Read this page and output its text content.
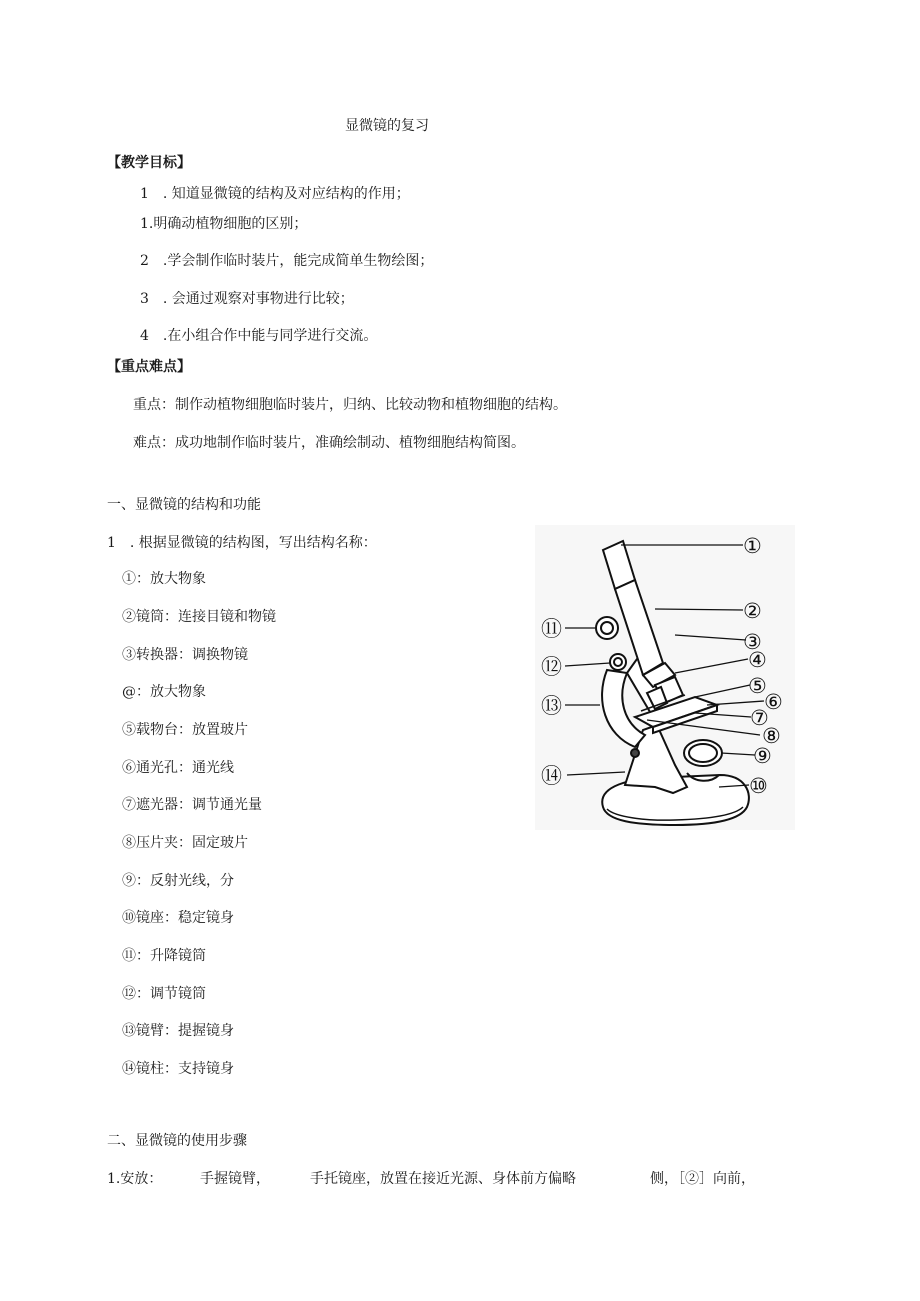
显微镜的复习
【教学目标】
1　. 知道显微镜的结构及对应结构的作用；
1.明确动植物细胞的区别；
2　.学会制作临时装片，能完成简单生物绘图；
3　. 会通过观察对事物进行比较；
4　.在小组合作中能与同学进行交流。
【重点难点】
重点：制作动植物细胞临时装片，归纳、比较动物和植物细胞的结构。
难点：成功地制作临时装片，准确绘制动、植物细胞结构简图。
一、显微镜的结构和功能
1　. 根据显微镜的结构图，写出结构名称：
①：放大物象
②镜筒：连接目镜和物镜
③转换器：调换物镜
@：放大物象
⑤载物台：放置玻片
⑥通光孔：通光线
⑦遮光器：调节通光量
⑧压片夹：固定玻片
⑨：反射光线，分
⑩镜座：稳定镜身
⑪：升降镜筒
⑫：调节镜筒
⑬镜臂：提握镜身
⑭镜柱：支持镜身
①
②
③
④
⑤
⑥
⑦
⑧
⑨
⑩
⑪
⑫
⑬
⑭
二、显微镜的使用步骤
1.安放：	手握镜臂，	手托镜座，放置在接近光源、身体前方偏略	侧，［②］向前，
